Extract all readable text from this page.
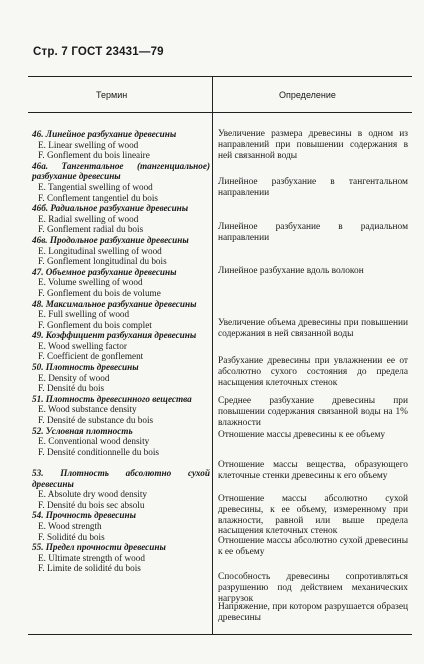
Стр. 7 ГОСТ 23431—79
Термин	Определение
46. Линейное разбухание древесины
E. Linear swelling of wood
F. Gonflement du bois lineaire
46а. Тангентальное (тангенциальное) разбухание древесины
E. Tangential swelling of wood
F. Conflement tangentiel du bois
46б. Радиальное разбухание древесины
E. Radial swelling of wood
F. Gonflement radial du bois
46в. Продольное разбухание древесины
E. Longitudinal swelling of wood
F. Gonflement longitudinal du bois
47. Объемное разбухание древесины
E. Volume swelling of wood
F. Gonflement du bois de volume
48. Максимальное разбухание древесины
E. Full swelling of wood
F. Gonflement du bois complet
49. Коэффициент разбухания древесины
E. Wood swelling factor
F. Coefficient de gonflement
50. Плотность древесины
E. Density of wood
F. Densité du bois
51. Плотность древесинного вещества
E. Wood substance density
F. Densité de substance du bois
52. Условная плотность
E. Conventional wood density
F. Densité conditionnelle du bois
53. Плотность абсолютно сухой древесины
E. Absolute dry wood density
F. Densité du bois sec absolu
54. Прочность древесины
E. Wood strength
F. Solidité du bois
55. Предел прочности древесины
E. Ultimate strength of wood
F. Limite de solidité du bois
Увеличение размера древесины в одном из направлений при повышении содержания в ней связанной воды
Линейное разбухание в тангентальном направлении
Линейное разбухание в радиальном направлении
Линейное разбухание вдоль волокон
Увеличение объема древесины при повышении содержания в ней связанной воды
Разбухание древесины при увлажнении ее от абсолютно сухого состояния до предела насыщения клеточных стенок
Среднее разбухание древесины при повышении содержания связанной воды на 1% влажности
Отношение массы древесины к ее объему
Отношение массы вещества, образующего клеточные стенки древесины к его объему
Отношение массы абсолютно сухой древесины, к ее объему, измеренному при влажности, равной или выше предела насыщения клеточных стенок
Отношение массы абсолютно сухой древесины к ее объему
Способность древесины сопротивляться разрушению под действием механических нагрузок
Напряжение, при котором разрушается образец древесины
